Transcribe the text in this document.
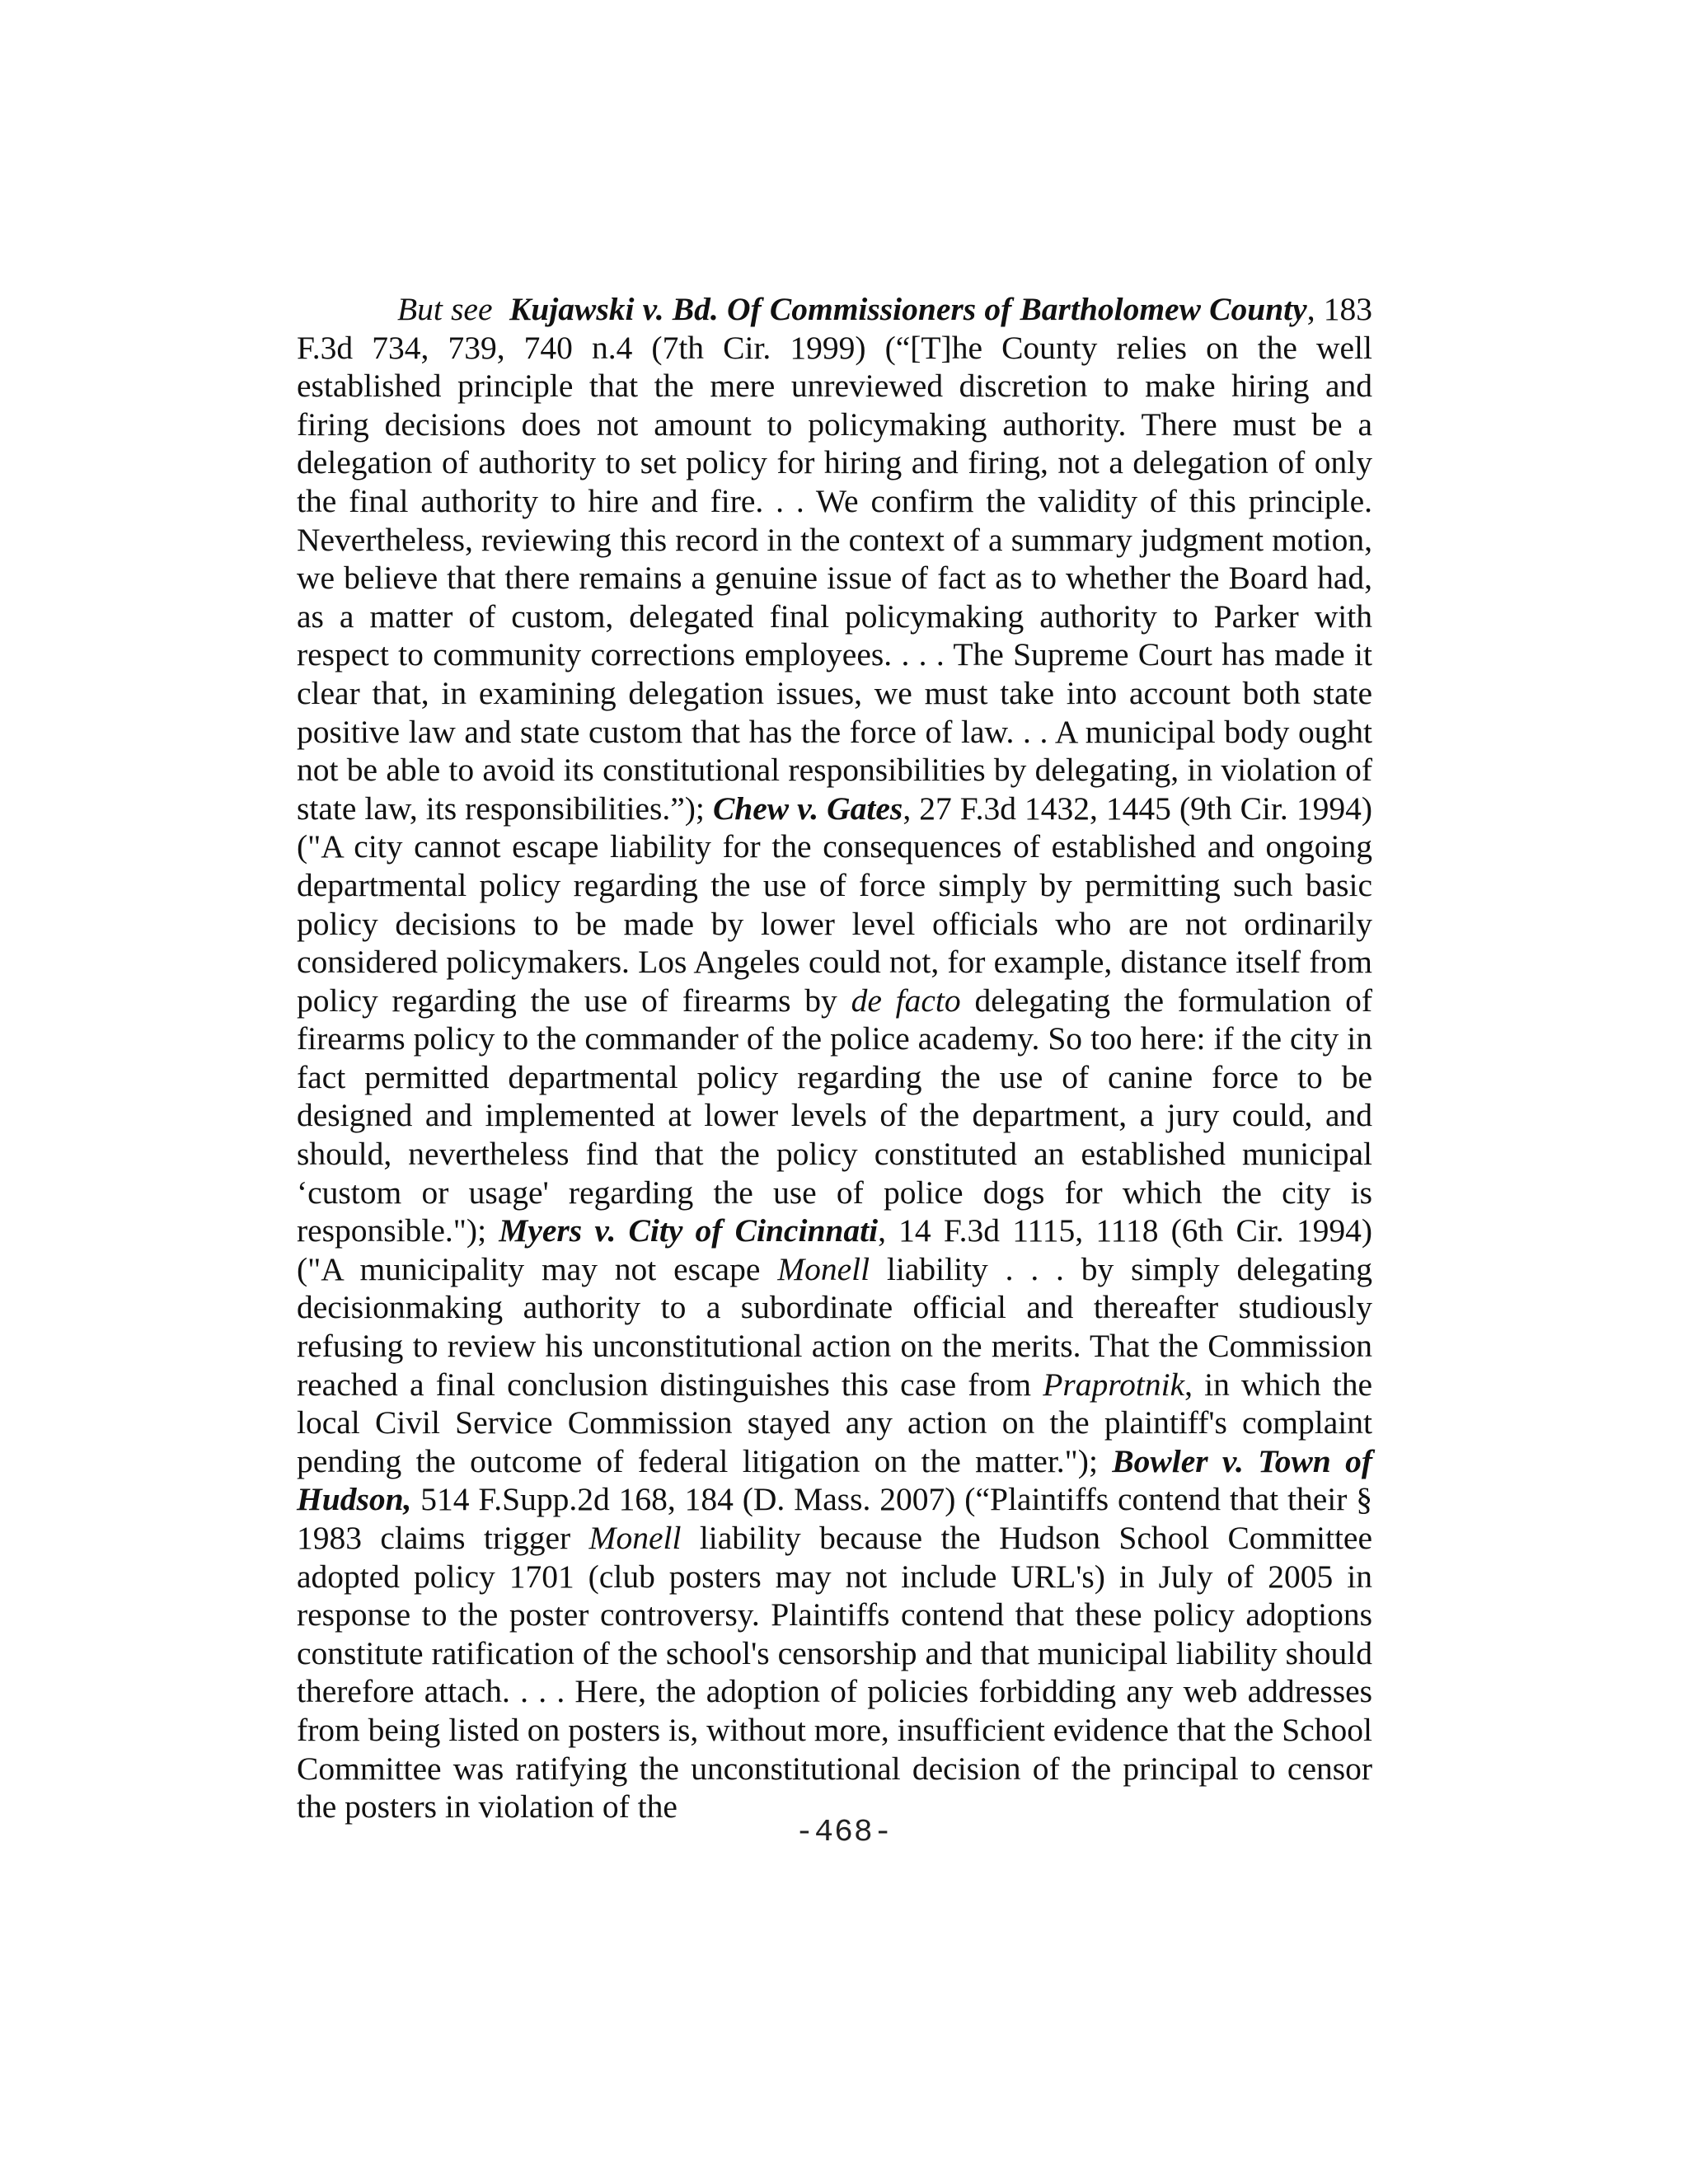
But see Kujawski v. Bd. Of Commissioners of Bartholomew County, 183 F.3d 734, 739, 740 n.4 (7th Cir. 1999) (“[T]he County relies on the well established principle that the mere unreviewed discretion to make hiring and firing decisions does not amount to policymaking authority. There must be a delegation of authority to set policy for hiring and firing, not a delegation of only the final authority to hire and fire. . . We confirm the validity of this principle. Nevertheless, reviewing this record in the context of a summary judgment motion, we believe that there remains a genuine issue of fact as to whether the Board had, as a matter of custom, delegated final policymaking authority to Parker with respect to community corrections employees. . . . The Supreme Court has made it clear that, in examining delegation issues, we must take into account both state positive law and state custom that has the force of law. . . A municipal body ought not be able to avoid its constitutional responsibilities by delegating, in violation of state law, its responsibilities.”); Chew v. Gates, 27 F.3d 1432, 1445 (9th Cir. 1994) ("A city cannot escape liability for the consequences of established and ongoing departmental policy regarding the use of force simply by permitting such basic policy decisions to be made by lower level officials who are not ordinarily considered policymakers. Los Angeles could not, for example, distance itself from policy regarding the use of firearms by de facto delegating the formulation of firearms policy to the commander of the police academy. So too here: if the city in fact permitted departmental policy regarding the use of canine force to be designed and implemented at lower levels of the department, a jury could, and should, nevertheless find that the policy constituted an established municipal ‘custom or usage' regarding the use of police dogs for which the city is responsible."); Myers v. City of Cincinnati, 14 F.3d 1115, 1118 (6th Cir. 1994) ("A municipality may not escape Monell liability . . . by simply delegating decisionmaking authority to a subordinate official and thereafter studiously refusing to review his unconstitutional action on the merits. That the Commission reached a final conclusion distinguishes this case from Praprotnik, in which the local Civil Service Commission stayed any action on the plaintiff's complaint pending the outcome of federal litigation on the matter."); Bowler v. Town of Hudson, 514 F.Supp.2d 168, 184 (D. Mass. 2007) (“Plaintiffs contend that their § 1983 claims trigger Monell liability because the Hudson School Committee adopted policy 1701 (club posters may not include URL's) in July of 2005 in response to the poster controversy. Plaintiffs contend that these policy adoptions constitute ratification of the school's censorship and that municipal liability should therefore attach. . . . Here, the adoption of policies forbidding any web addresses from being listed on posters is, without more, insufficient evidence that the School Committee was ratifying the unconstitutional decision of the principal to censor the posters in violation of the

-468-
